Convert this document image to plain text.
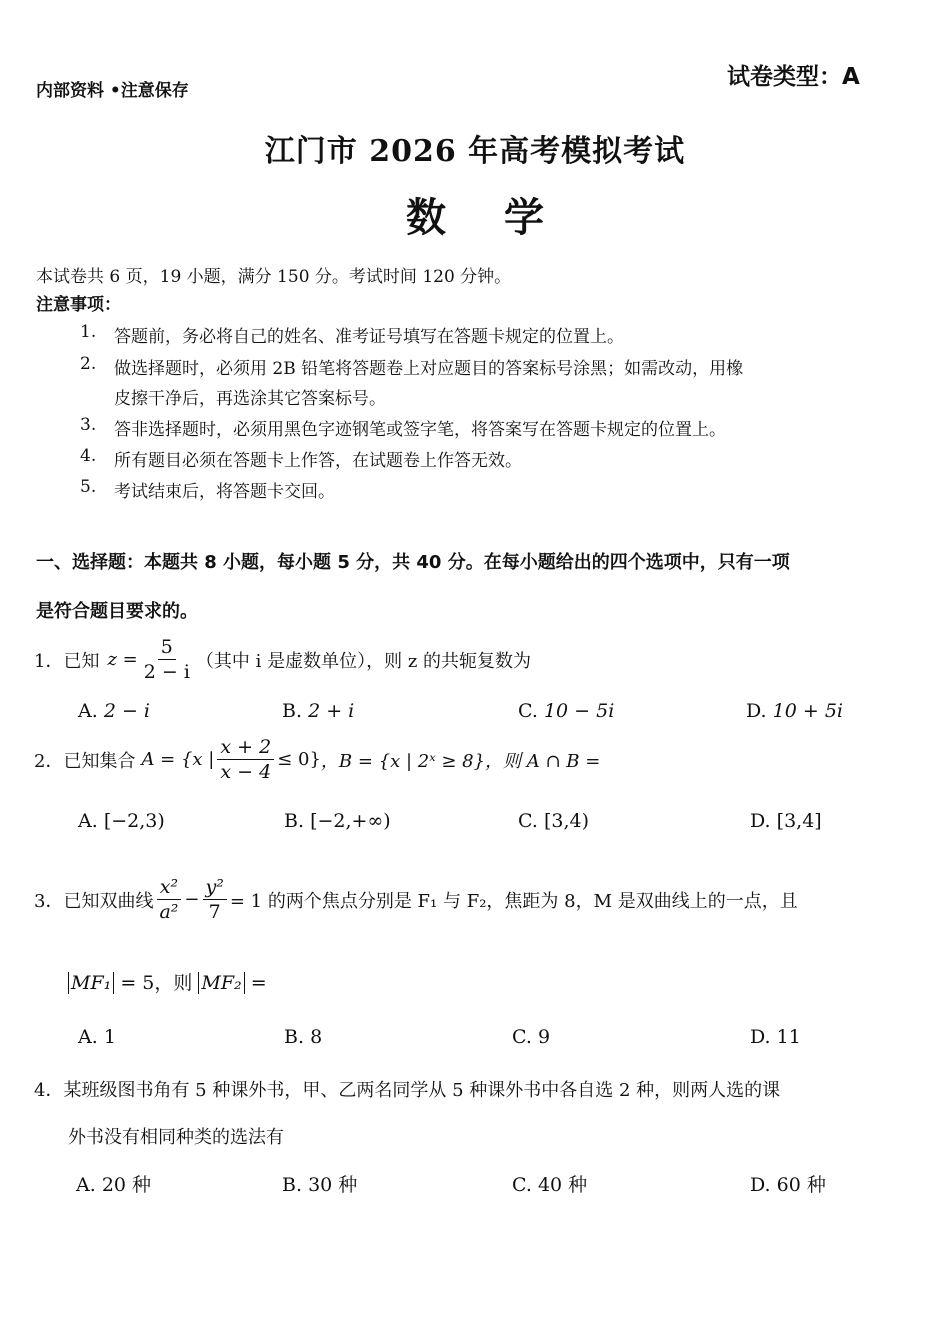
内部资料 •注意保存
试卷类型：A
江门市 2026 年高考模拟考试
数 学
本试卷共 6 页，19 小题，满分 150 分。考试时间 120 分钟。
注意事项：
1. 答题前，务必将自己的姓名、准考证号填写在答题卡规定的位置上。
2. 做选择题时，必须用 2B 铅笔将答题卷上对应题目的答案标号涂黑；如需改动，用橡
皮擦干净后，再选涂其它答案标号。
3. 答非选择题时，必须用黑色字迹钢笔或签字笔，将答案写在答题卡规定的位置上。
4. 所有题目必须在答题卡上作答，在试题卷上作答无效。
5. 考试结束后，将答题卡交回。
一、选择题：本题共 8 小题，每小题 5 分，共 40 分。在每小题给出的四个选项中，只有一项
是符合题目要求的。
1． 已知 $z = \frac{5}{2 - i}$ （其中 i 是虚数单位），则 z 的共轭复数为
A. 2 − i	B. 2 + i	C. 10 − 5i	D. 10 + 5i
2． 已知集合 A = {x | $\frac{x + 2}{x - 4} \le 0$} ，B = {x | 2ˣ ≥ 8}，则 A ∩ B =
A. [−2,3)	B. [−2,+∞)	C. [3,4)	D. [3,4]
3． 已知双曲线 $\frac{\text{x²}}{\text{a²}} - \frac{\text{y²}}{7} = 1$ 的两个焦点分别是 F₁ 与 F₂，焦距为 8，M 是双曲线上的一点，且
MF₁ = 5，则 MF₂ =
A. 1	B. 8	C. 9	D. 11
4．某班级图书角有 5 种课外书，甲、乙两名同学从 5 种课外书中各自选 2 种，则两人选的课
外书没有相同种类的选法有
A. 20 种	B. 30 种	C. 40 种	D. 60 种
